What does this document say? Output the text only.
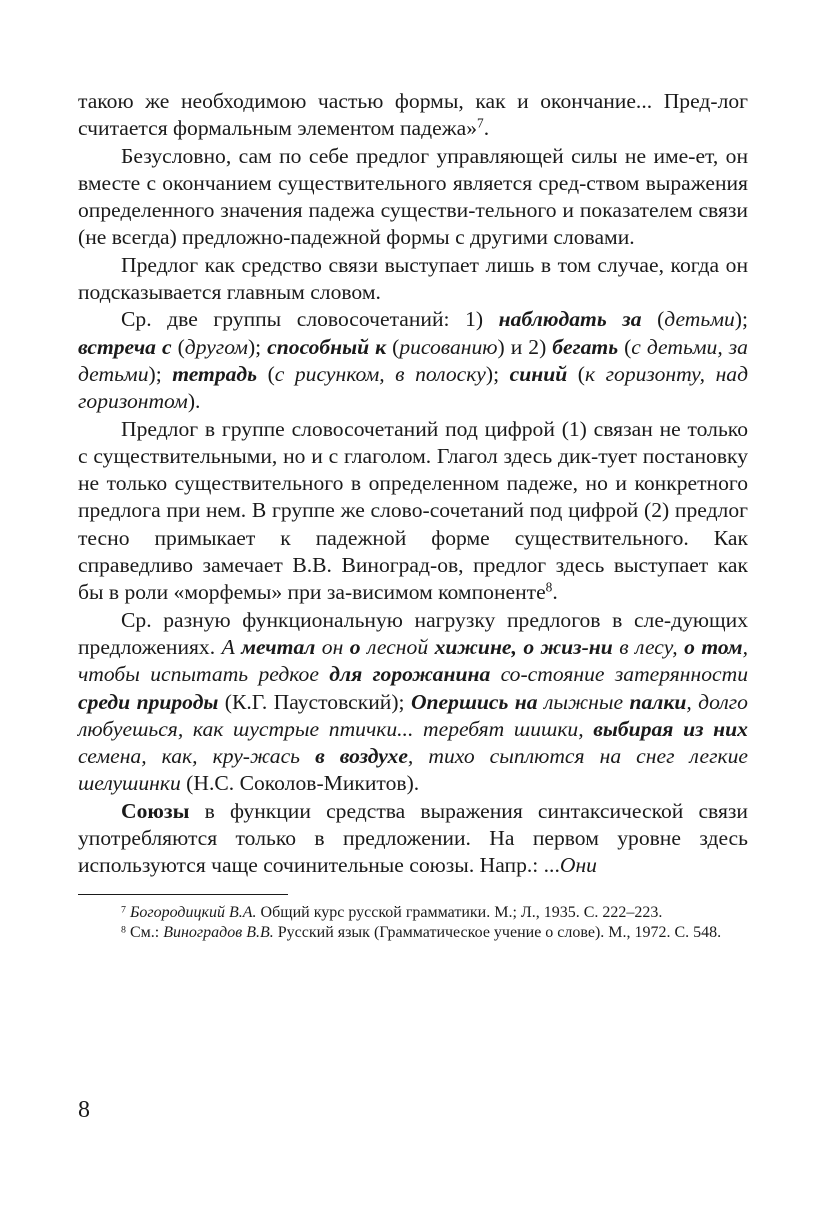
такою же необходимою частью формы, как и окончание... Пред-лог считается формальным элементом падежа»$^7$.

Безусловно, сам по себе предлог управляющей силы не име-ет, он вместе с окончанием существительного является сред-ством выражения определенного значения падежа существи-тельного и показателем связи (не всегда) предложно-падежной формы с другими словами.

Предлог как средство связи выступает лишь в том случае, когда он подсказывается главным словом.

Ср. две группы словосочетаний: 1) наблюдать за (детьми); встреча с (другом); способный к (рисованию) и 2) бегать (с детьми, за детьми); тетрадь (с рисунком, в полоску); синий (к горизонту, над горизонтом).

Предлог в группе словосочетаний под цифрой (1) связан не только с существительными, но и с глаголом. Глагол здесь дик-тует постановку не только существительного в определенном падеже, но и конкретного предлога при нем. В группе же слово-сочетаний под цифрой (2) предлог тесно примыкает к падежной форме существительного. Как справедливо замечает В.В. Виноград-ов, предлог здесь выступает как бы в роли «морфемы» при за-висимом компоненте$^8$.

Ср. разную функциональную нагрузку предлогов в сле-дующих предложениях. А мечтал он о лесной хижине, о жиз-ни в лесу, о том, чтобы испытать редкое для горожанина со-стояние затерянности среди природы (К.Г. Паустовский); Опершись на лыжные палки, долго любуешься, как шустрые птички... теребят шишки, выбирая из них семена, как, кру-жась в воздухе, тихо сыплются на снег легкие шелушинки (Н.С. Соколов-Микитов).

Союзы в функции средства выражения синтаксической связи употребляются только в предложении. На первом уровне здесь используются чаще сочинительные союзы. Напр.: ...Они

$^7$ Богородицкий В.А. Общий курс русской грамматики. М.; Л., 1935. С. 222–223.

$^8$ См.: Виноградов В.В. Русский язык (Грамматическое учение о слове). М., 1972. С. 548.

8
